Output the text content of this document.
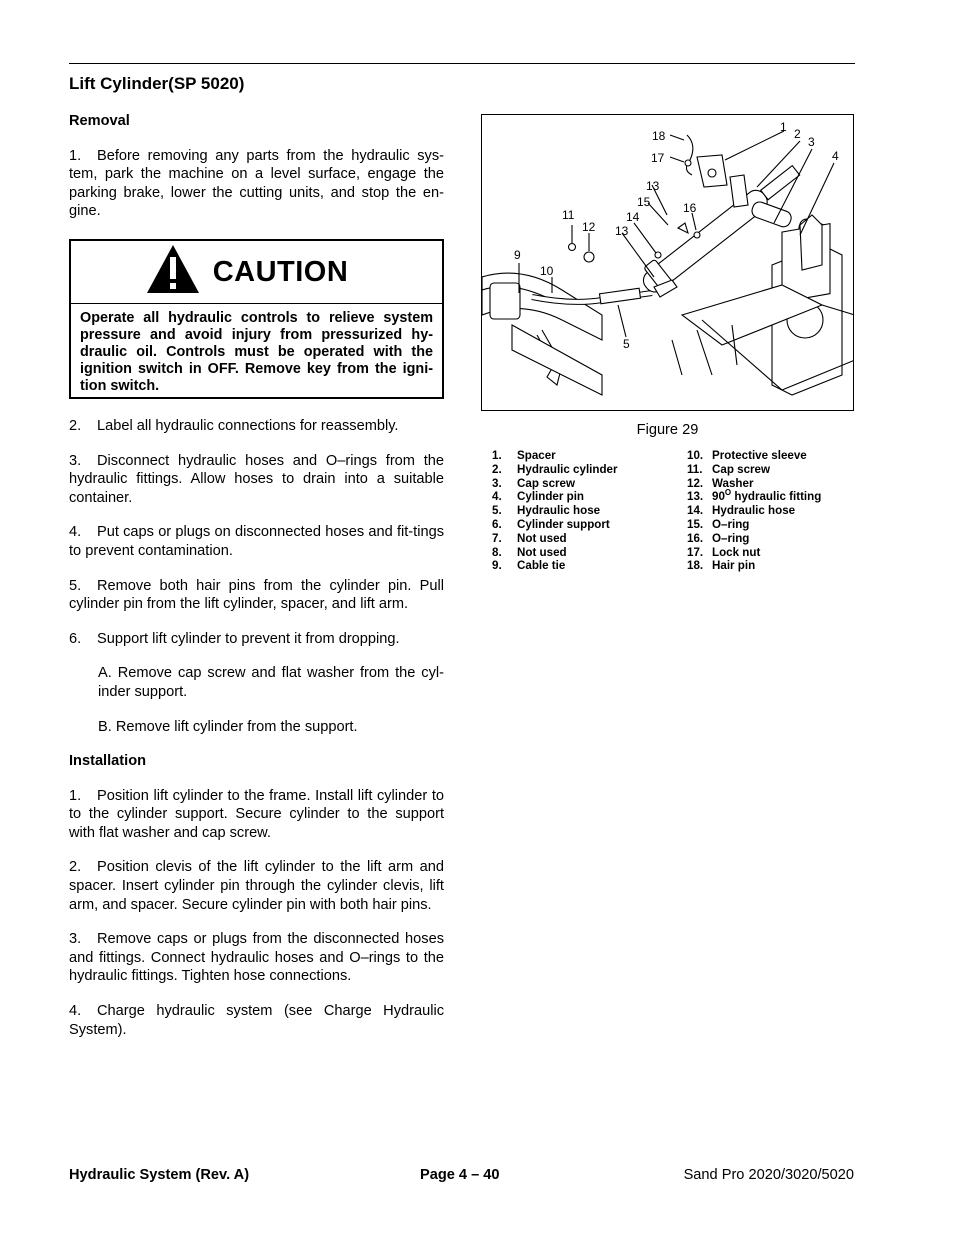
Lift Cylinder(SP 5020)

Removal

1. Before removing any parts from the hydraulic sys-tem, park the machine on a level surface, engage the parking brake, lower the cutting units, and stop the en-gine.

CAUTION
Operate all hydraulic controls to relieve system pressure and avoid injury from pressurized hy-draulic oil. Controls must be operated with the ignition switch in OFF. Remove key from the igni-tion switch.

2. Label all hydraulic connections for reassembly.

3. Disconnect hydraulic hoses and O–rings from the hydraulic fittings. Allow hoses to drain into a suitable container.

4. Put caps or plugs on disconnected hoses and fit-tings to prevent contamination.

5. Remove both hair pins from the cylinder pin. Pull cylinder pin from the lift cylinder, spacer, and lift arm.

6. Support lift cylinder to prevent it from dropping.

A. Remove cap screw and flat washer from the cyl-inder support.

B. Remove lift cylinder from the support.

Installation

1. Position lift cylinder to the frame. Install lift cylinder to to the cylinder support. Secure cylinder to the support with flat washer and cap screw.

2. Position clevis of the lift cylinder to the lift arm and spacer. Insert cylinder pin through the cylinder clevis, lift arm, and spacer. Secure cylinder pin with both hair pins.

3. Remove caps or plugs from the disconnected hoses and fittings. Connect hydraulic hoses and O–rings to the hydraulic fittings. Tighten hose connections.

4. Charge hydraulic system (see Charge Hydraulic System).

1 2
3
4
5
9
10
11
12
13
13
14
15	16
17
18
Figure 29
1. Spacer
2. Hydraulic cylinder
3. Cap screw
4. Cylinder pin
5. Hydraulic hose
6. Cylinder support
7. Not used
8. Not used
9. Cable tie
10. Protective sleeve
11. Cap screw
12. Washer
13. $90^O$ hydraulic fitting
14. Hydraulic hose
15. O–ring
16. O–ring
17. Lock nut
18. Hair pin
Hydraulic System (Rev. A)	Page 4 – 40	Sand Pro 2020/3020/5020
